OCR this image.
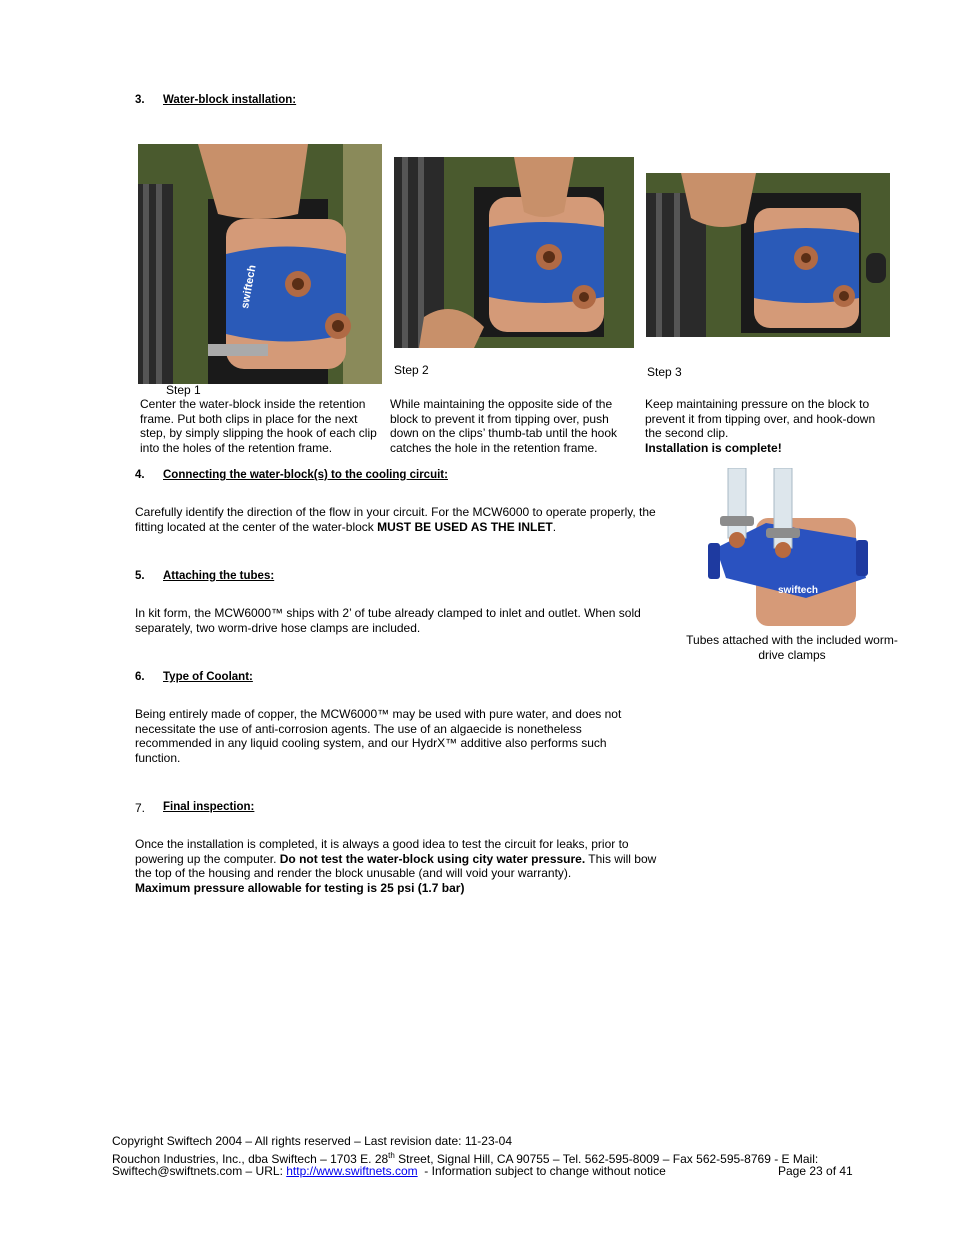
3. Water-block installation:
swiftech
Step 1
Center the water-block inside the retention frame. Put both clips in place for the next step, by simply slipping the hook of each clip into the holes of the retention frame.
Step 2
While maintaining the opposite side of the block to prevent it from tipping over, push down on the clips’ thumb-tab until the hook catches the hole in the retention frame.
Step 3
Keep maintaining pressure on the block to prevent it from tipping over, and hook-down the second clip.
Installation is complete!
4. Connecting the water-block(s) to the cooling circuit:
Carefully identify the direction of the flow in your circuit. For the MCW6000 to operate properly, the fitting located at the center of the water-block MUST BE USED AS THE INLET.
swiftech
Tubes attached with the included worm-drive clamps
5. Attaching the tubes:
In kit form, the MCW6000™ ships with 2’ of tube already clamped to inlet and outlet. When sold separately, two worm-drive hose clamps are included.
6. Type of Coolant:
Being entirely made of copper, the MCW6000™ may be used with pure water, and does not necessitate the use of anti-corrosion agents. The use of an algaecide is nonetheless recommended in any liquid cooling system, and our HydrX™ additive also performs such function.
7. Final inspection:
Once the installation is completed, it is always a good idea to test the circuit for leaks, prior to powering up the computer. Do not test the water-block using city water pressure. This will bow the top of the housing and render the block unusable (and will void your warranty).
Maximum pressure allowable for testing is 25 psi (1.7 bar)
Copyright Swiftech 2004 – All rights reserved – Last revision date: 11-23-04
Rouchon Industries, Inc., dba Swiftech – 1703 E. 28th Street, Signal Hill, CA 90755 – Tel. 562-595-8009 – Fax 562-595-8769 - E Mail:
Swiftech@swiftnets.com – URL: http://www.swiftnets.com  - Information subject to change without notice	Page 23 of 41
